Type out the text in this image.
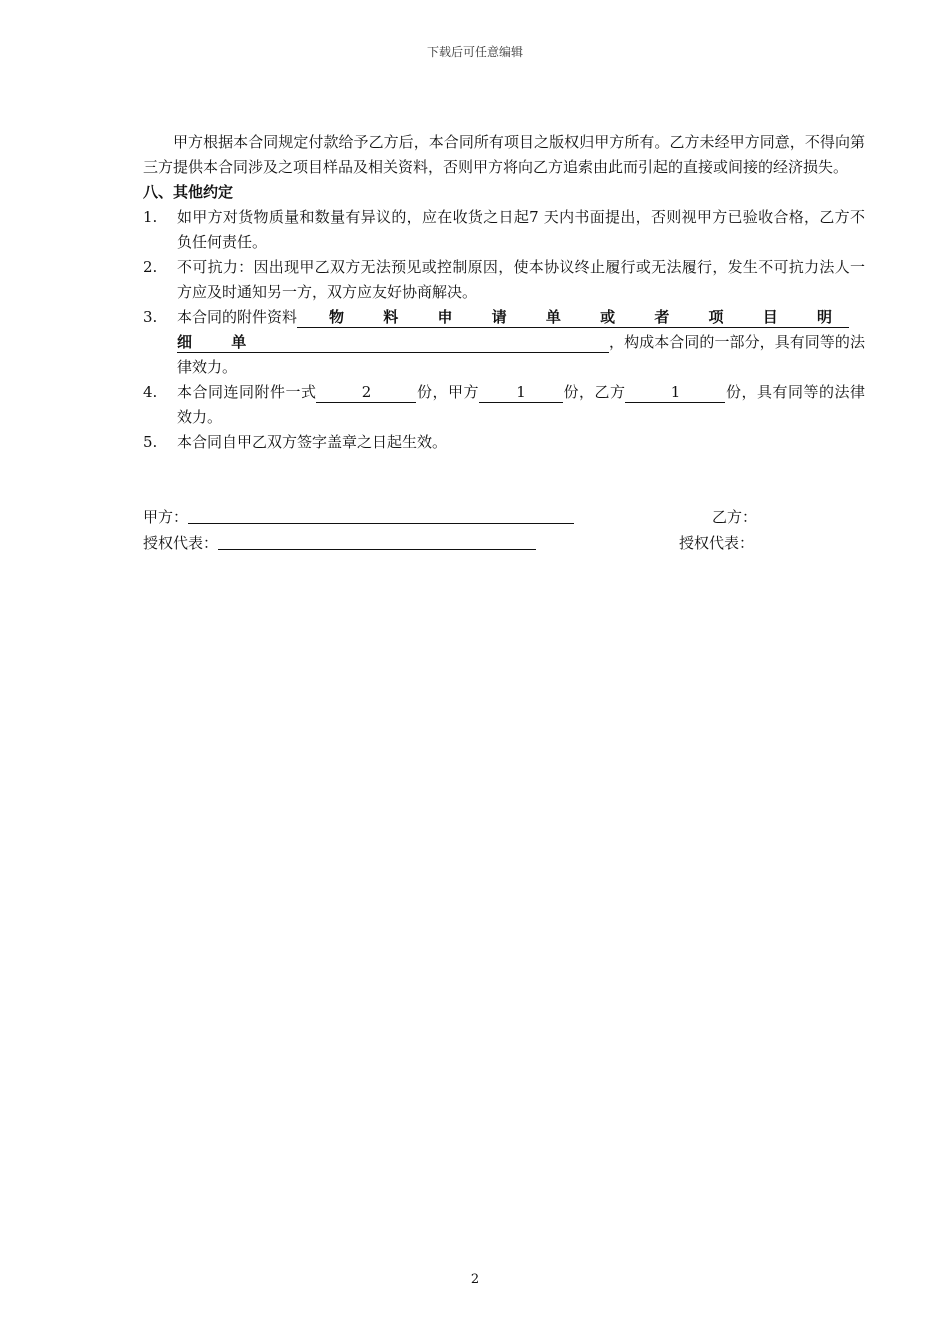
下载后可任意编辑

甲方根据本合同规定付款给予乙方后，本合同所有项目之版权归甲方所有。乙方未经甲方同意，不得向第三方提供本合同涉及之项目样品及相关资料，否则甲方将向乙方追索由此而引起的直接或间接的经济损失。

八、其他约定

1.	如甲方对货物质量和数量有异议的，应在收货之日起7 天内书面提出，否则视甲方已验收合格，乙方不负任何责任。
2.	不可抗力：因出现甲乙双方无法预见或控制原因，使本协议终止履行或无法履行，发生不可抗力法人一方应及时通知另一方，双方应友好协商解决。
3.	本合同的附件资料 物 料 申 请 单 或 者 项 目 明
细 单	，构成本合同的一部分，具有同等的法律效力。
4.	本合同连同附件一式	2	份，甲方 1 份，乙方	1	份，具有同等的法律效力。
5.	本合同自甲乙双方签字盖章之日起生效。
甲方：	乙方：
授权代表：	授权代表：
2
